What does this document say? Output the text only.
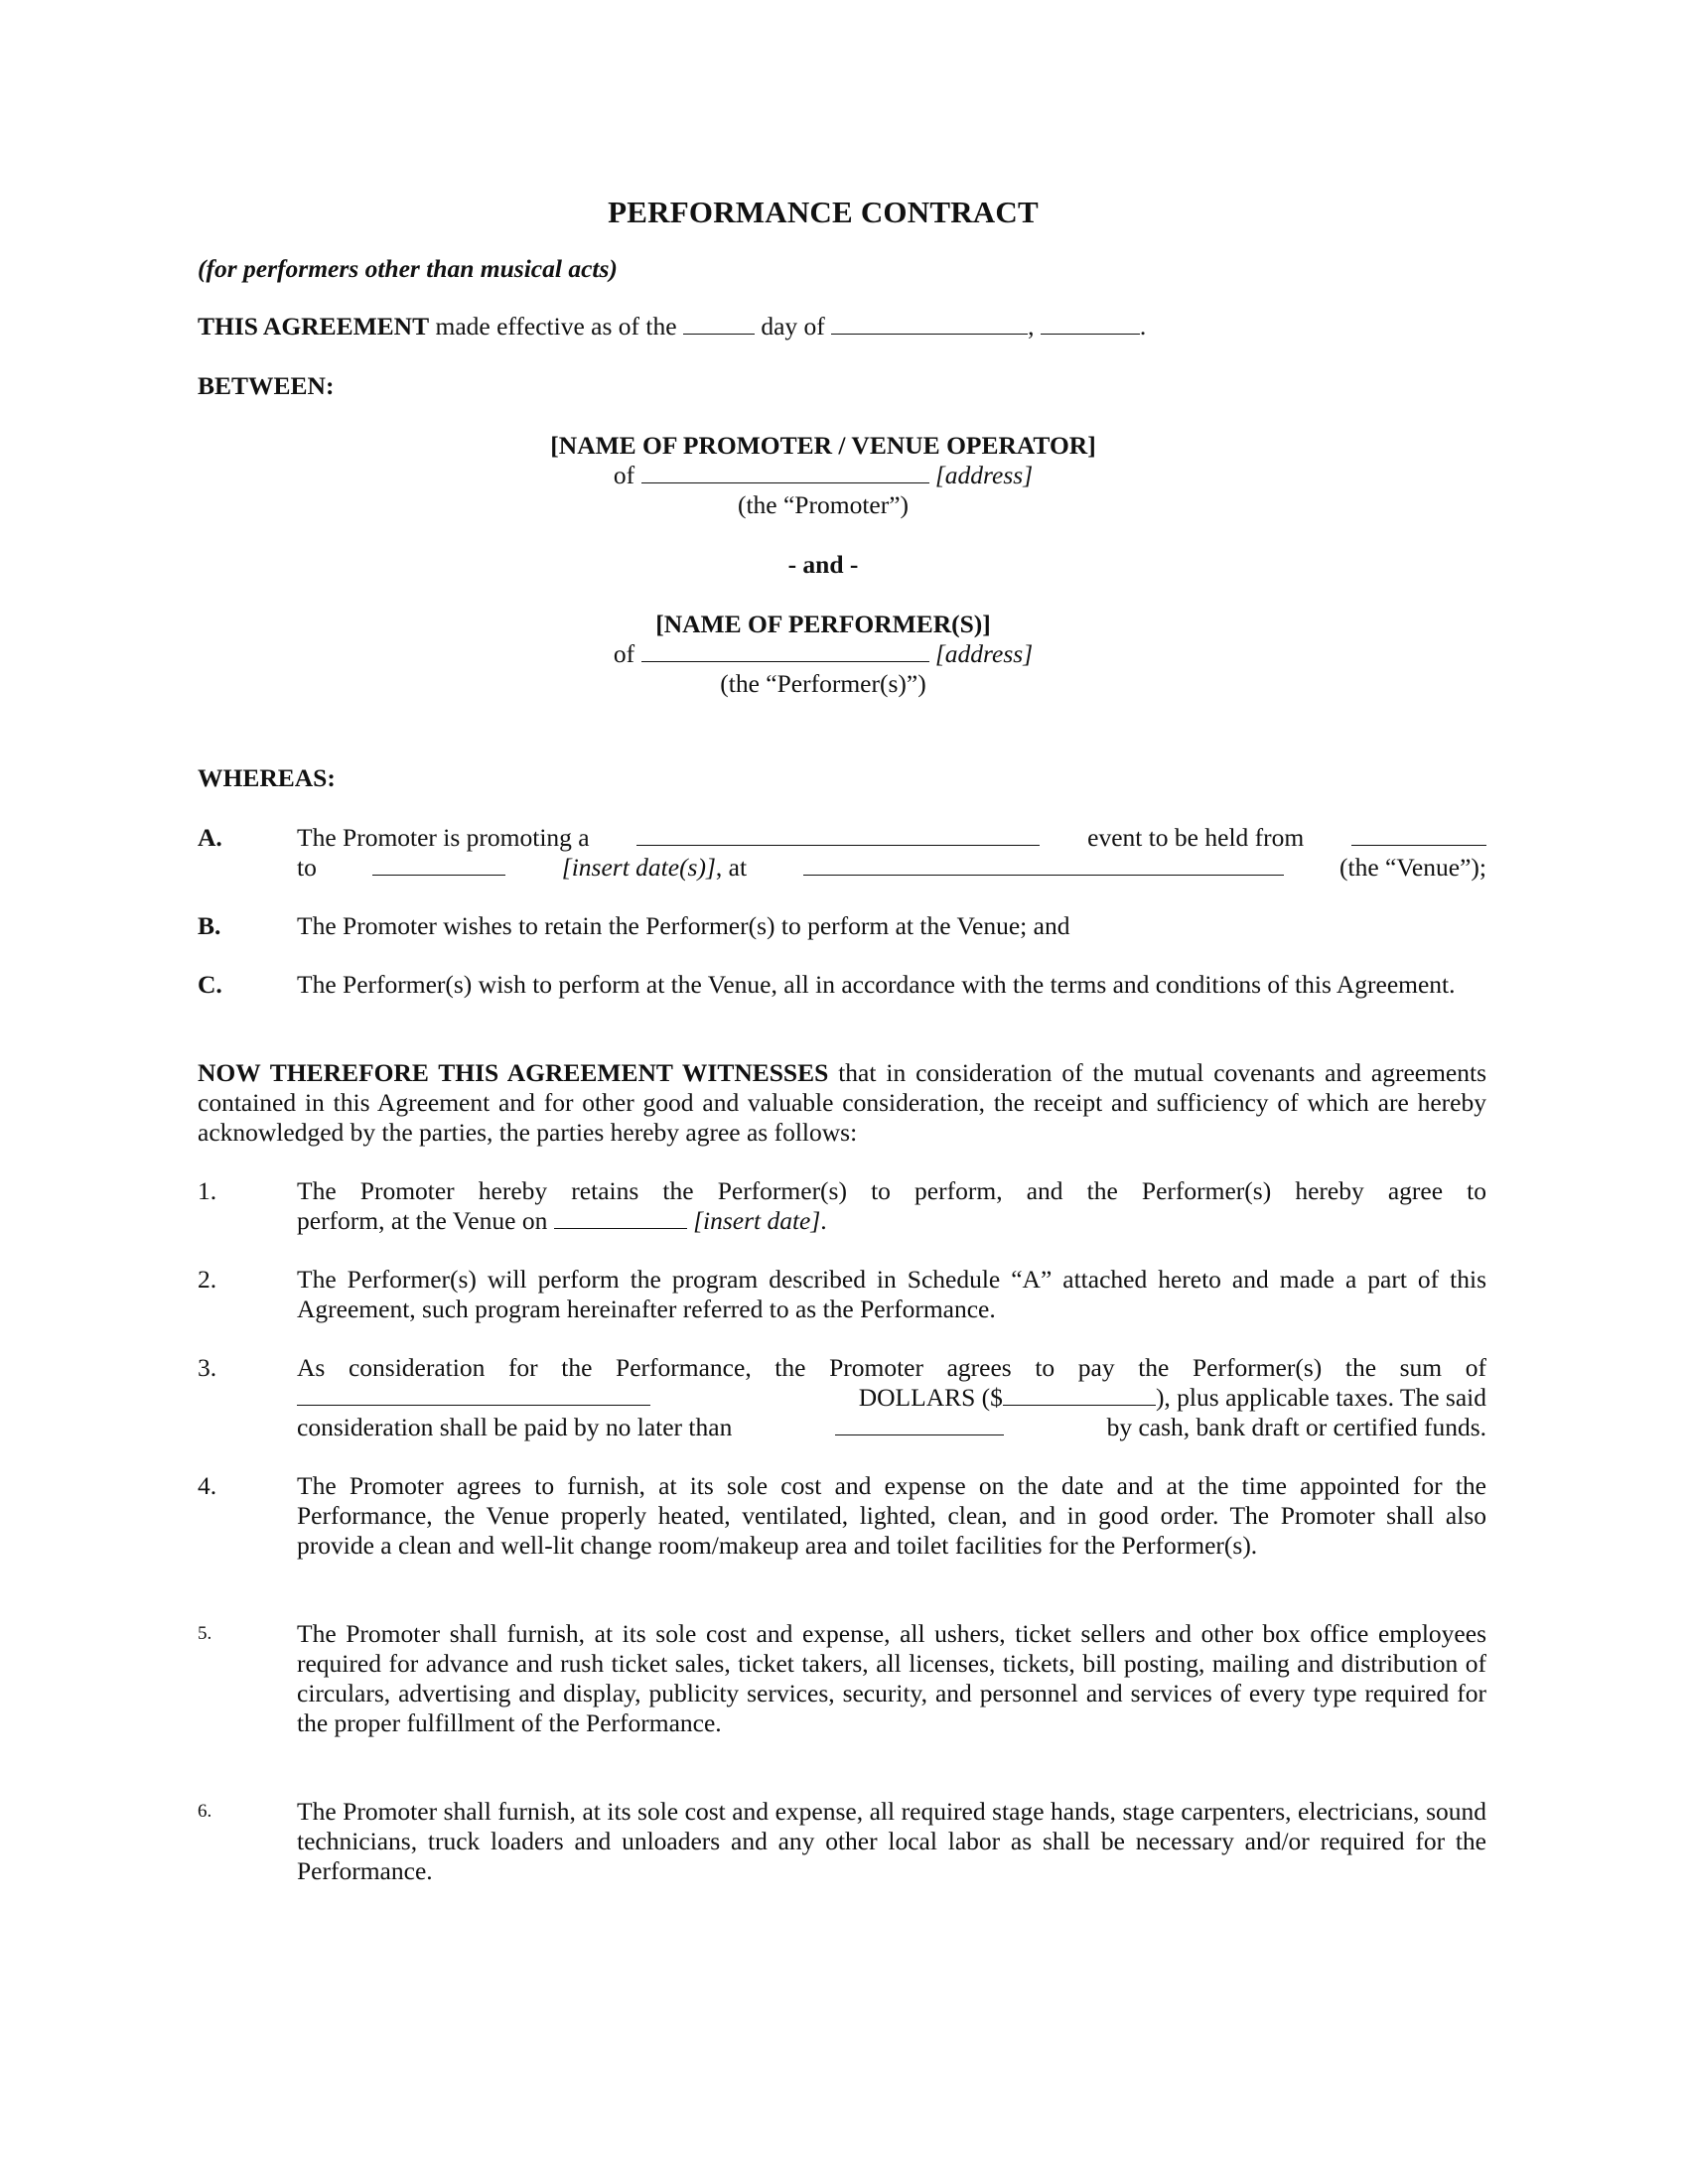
PERFORMANCE CONTRACT
(for performers other than musical acts)
THIS AGREEMENT made effective as of the	day of	,	.
BETWEEN:
[NAME OF PROMOTER / VENUE OPERATOR]
of	[address]
(the “Promoter”)
- and -
[NAME OF PERFORMER(S)]
of	[address]
(the “Performer(s)”)
WHEREAS:
A.	The Promoter is promoting a	event to be held from
to	[insert date(s)], at	(the “Venue”);
B.	The Promoter wishes to retain the Performer(s) to perform at the Venue; and
C.	The Performer(s) wish to perform at the Venue, all in accordance with the terms and conditions of this Agreement.
NOW THEREFORE THIS AGREEMENT WITNESSES that in consideration of the mutual covenants and agreements contained in this Agreement and for other good and valuable consideration, the receipt and sufficiency of which are hereby acknowledged by the parties, the parties hereby agree as follows:
1.	The Promoter hereby retains the Performer(s) to perform, and the Performer(s) hereby agree to
perform, at the Venue on	[insert date].
2.	The Performer(s) will perform the program described in Schedule “A” attached hereto and made a part of this Agreement, such program hereinafter referred to as the Performance.
3.	As consideration for the Performance, the Promoter agrees to pay the Performer(s) the sum of
DOLLARS ($	), plus applicable taxes. The said
consideration shall be paid by no later than	by cash, bank draft or certified funds.
4.	The Promoter agrees to furnish, at its sole cost and expense on the date and at the time appointed for the Performance, the Venue properly heated, ventilated, lighted, clean, and in good order. The Promoter shall also provide a clean and well-lit change room/makeup area and toilet facilities for the Performer(s).
5.	The Promoter shall furnish, at its sole cost and expense, all ushers, ticket sellers and other box office employees required for advance and rush ticket sales, ticket takers, all licenses, tickets, bill posting, mailing and distribution of circulars, advertising and display, publicity services, security, and personnel and services of every type required for the proper fulfillment of the Performance.
6.	The Promoter shall furnish, at its sole cost and expense, all required stage hands, stage carpenters, electricians, sound technicians, truck loaders and unloaders and any other local labor as shall be necessary and/or required for the Performance.
